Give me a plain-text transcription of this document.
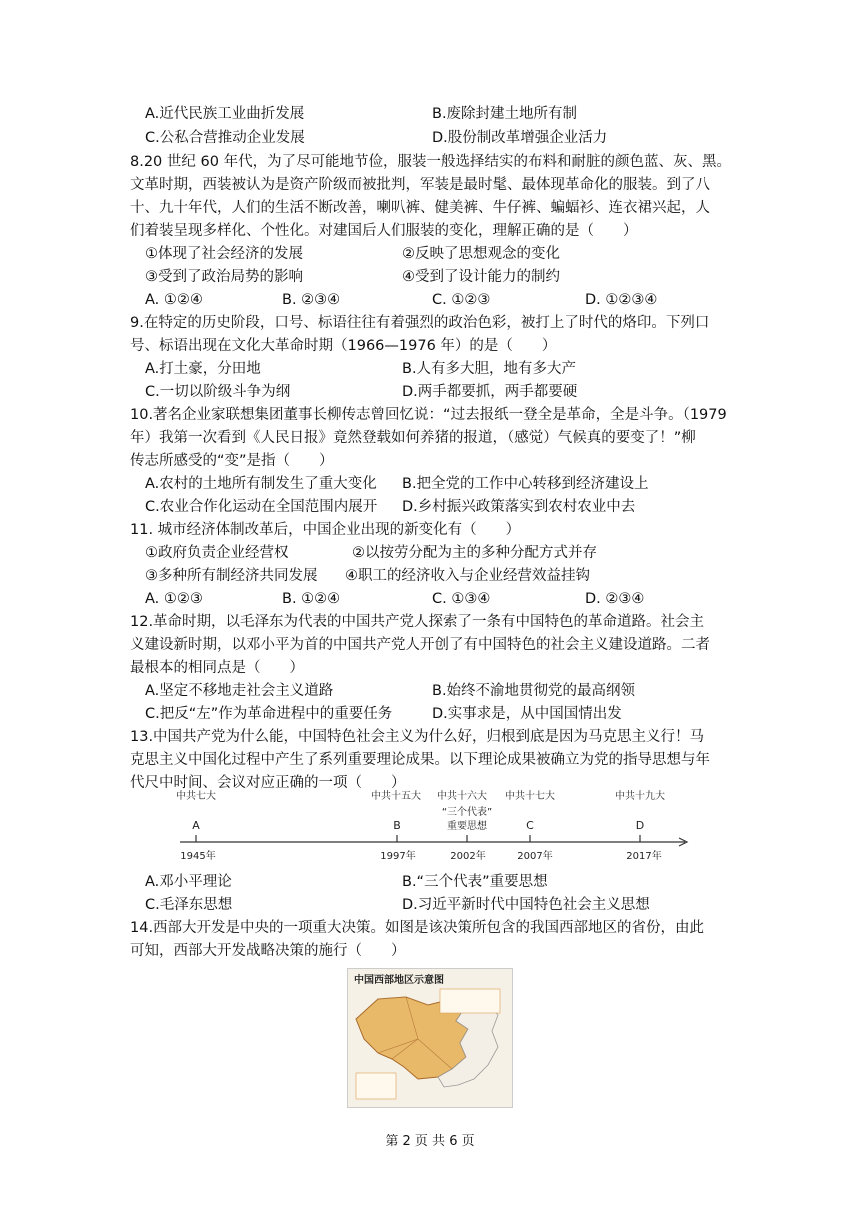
A.近代民族工业曲折发展	B.废除封建土地所有制
C.公私合营推动企业发展	D.股份制改革增强企业活力
8.20 世纪 60 年代，为了尽可能地节俭，服装一般选择结实的布料和耐脏的颜色蓝、灰、黑。
文革时期，西装被认为是资产阶级而被批判，军装是最时髦、最体现革命化的服装。到了八
十、九十年代，人们的生活不断改善，喇叭裤、健美裤、牛仔裤、蝙蝠衫、连衣裙兴起，人
们着装呈现多样化、个性化。对建国后人们服装的变化，理解正确的是（　　）
①体现了社会经济的发展	②反映了思想观念的变化
③受到了政治局势的影响	④受到了设计能力的制约
A. ①②④	B. ②③④	C. ①②③	D. ①②③④
9.在特定的历史阶段，口号、标语往往有着强烈的政治色彩，被打上了时代的烙印。下列口
号、标语出现在文化大革命时期（1966—1976 年）的是（　　）
A.打土豪，分田地	B.人有多大胆，地有多大产
C.一切以阶级斗争为纲	D.两手都要抓，两手都要硬
10.著名企业家联想集团董事长柳传志曾回忆说：“过去报纸一登全是革命，全是斗争。（1979
年）我第一次看到《人民日报》竟然登载如何养猪的报道，（感觉）气候真的要变了！”柳
传志所感受的“变”是指（　　）
A.农村的土地所有制发生了重大变化 B.把全党的工作中心转移到经济建设上
C.农业合作化运动在全国范围内展开 D.乡村振兴政策落实到农村农业中去
11. 城市经济体制改革后，中国企业出现的新变化有（　　）
①政府负责企业经营权	②以按劳分配为主的多种分配方式并存
③多种所有制经济共同发展 ④职工的经济收入与企业经营效益挂钩
A. ①②③	B. ①②④	C. ①③④	D. ②③④
12.革命时期，以毛泽东为代表的中国共产党人探索了一条有中国特色的革命道路。社会主
义建设新时期，以邓小平为首的中国共产党人开创了有中国特色的社会主义建设道路。二者
最根本的相同点是（　　）
A.坚定不移地走社会主义道路	B.始终不渝地贯彻党的最高纲领
C.把反“左”作为革命进程中的重要任务	D.实事求是，从中国国情出发
13.中国共产党为什么能，中国特色社会主义为什么好，归根到底是因为马克思主义行！马
克思主义中国化过程中产生了系列重要理论成果。以下理论成果被确立为党的指导思想与年
代尺中时间、会议对应正确的一项（　　）
中共七大	中共十五大 中共十六大 中共十七大	中共十九大
“三个代表”
重要思想
A	B	C	D
1945年	1997年	2002年	2007年	2017年
A.邓小平理论	B.“三个代表”重要思想
C.毛泽东思想	D.习近平新时代中国特色社会主义思想
14.西部大开发是中央的一项重大决策。如图是该决策所包含的我国西部地区的省份，由此
可知，西部大开发战略决策的施行（　　）
中国西部地区示意图
第 2 页 共 6 页
